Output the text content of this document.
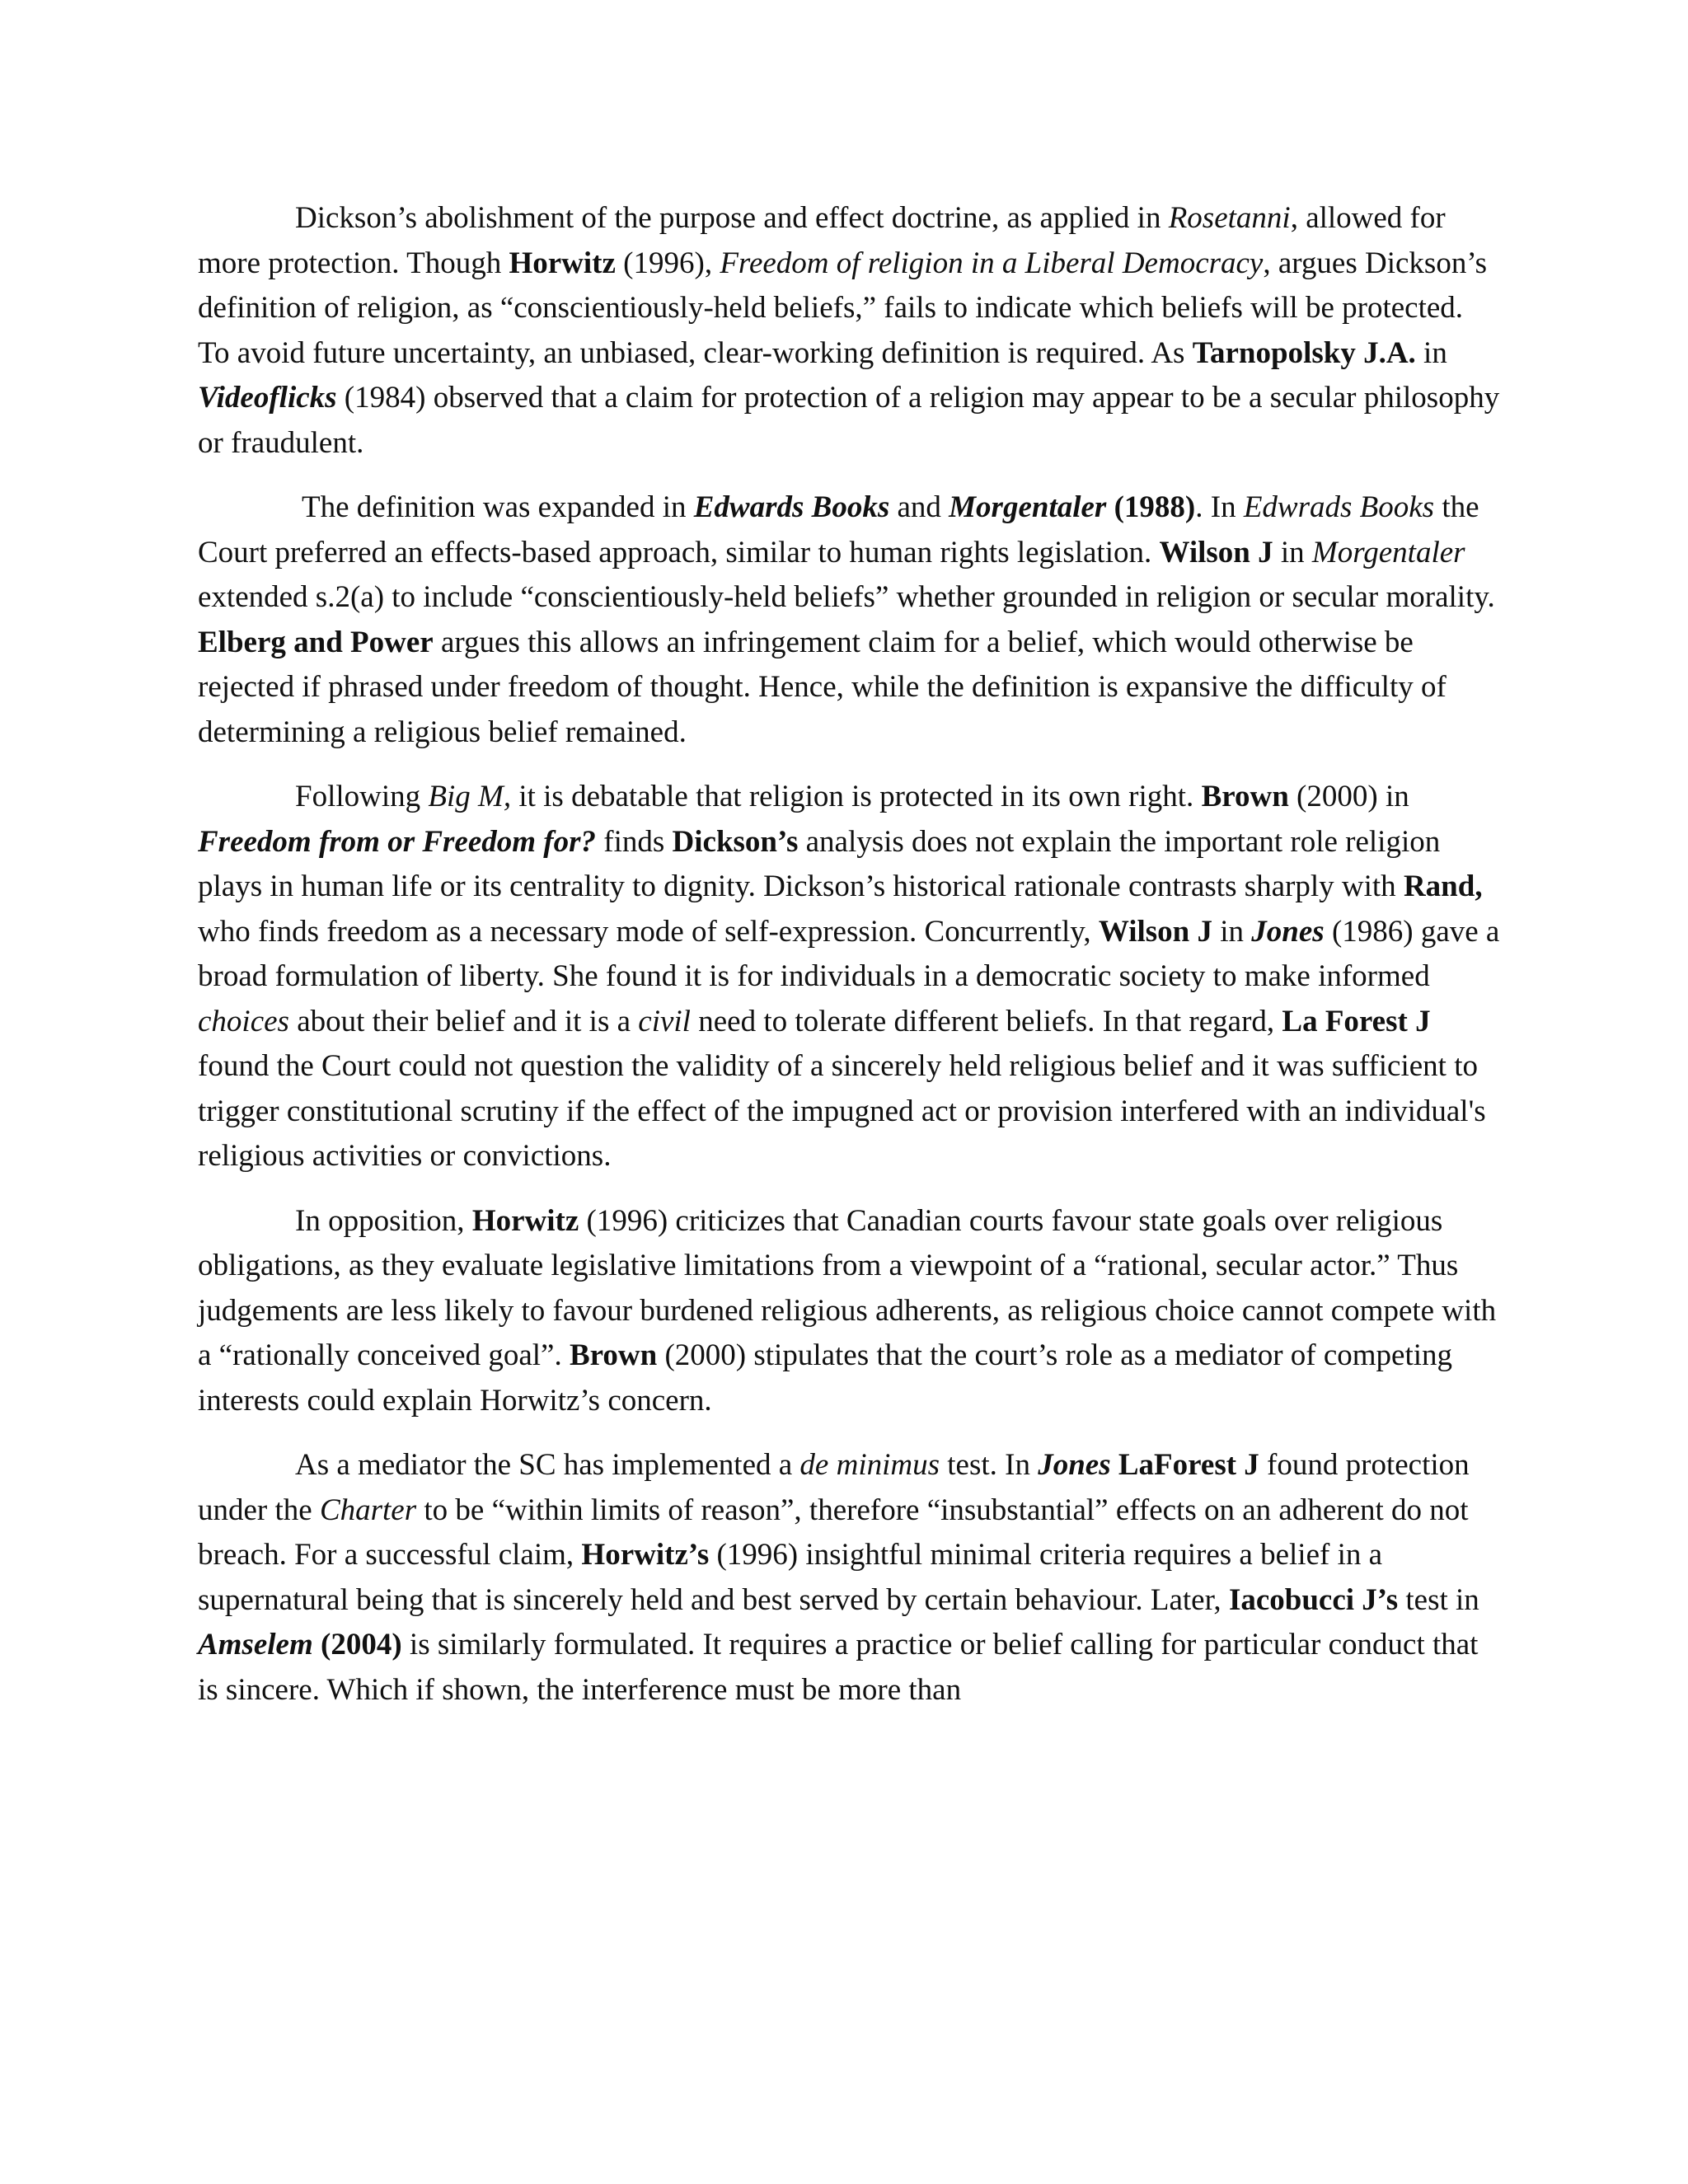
Dickson’s abolishment of the purpose and effect doctrine, as applied in Rosetanni, allowed for more protection. Though Horwitz (1996), Freedom of religion in a Liberal Democracy, argues Dickson’s definition of religion, as “conscientiously-held beliefs,” fails to indicate which beliefs will be protected. To avoid future uncertainty, an unbiased, clear-working definition is required. As Tarnopolsky J.A. in Videoflicks (1984) observed that a claim for protection of a religion may appear to be a secular philosophy or fraudulent.

The definition was expanded in Edwards Books and Morgentaler (1988). In Edwrads Books the Court preferred an effects-based approach, similar to human rights legislation. Wilson J in Morgentaler extended s.2(a) to include “conscientiously-held beliefs” whether grounded in religion or secular morality. Elberg and Power argues this allows an infringement claim for a belief, which would otherwise be rejected if phrased under freedom of thought. Hence, while the definition is expansive the difficulty of determining a religious belief remained.

Following Big M, it is debatable that religion is protected in its own right. Brown (2000) in Freedom from or Freedom for? finds Dickson’s analysis does not explain the important role religion plays in human life or its centrality to dignity. Dickson’s historical rationale contrasts sharply with Rand, who finds freedom as a necessary mode of self-expression. Concurrently, Wilson J in Jones (1986) gave a broad formulation of liberty. She found it is for individuals in a democratic society to make informed choices about their belief and it is a civil need to tolerate different beliefs. In that regard, La Forest J found the Court could not question the validity of a sincerely held religious belief and it was sufficient to trigger constitutional scrutiny if the effect of the impugned act or provision interfered with an individual's religious activities or convictions.

In opposition, Horwitz (1996) criticizes that Canadian courts favour state goals over religious obligations, as they evaluate legislative limitations from a viewpoint of a “rational, secular actor.” Thus judgements are less likely to favour burdened religious adherents, as religious choice cannot compete with a “rationally conceived goal”. Brown (2000) stipulates that the court’s role as a mediator of competing interests could explain Horwitz’s concern.

As a mediator the SC has implemented a de minimus test. In Jones LaForest J found protection under the Charter to be “within limits of reason”, therefore “insubstantial” effects on an adherent do not breach. For a successful claim, Horwitz’s (1996) insightful minimal criteria requires a belief in a supernatural being that is sincerely held and best served by certain behaviour. Later, Iacobucci J’s test in Amselem (2004) is similarly formulated. It requires a practice or belief calling for particular conduct that is sincere. Which if shown, the interference must be more than
